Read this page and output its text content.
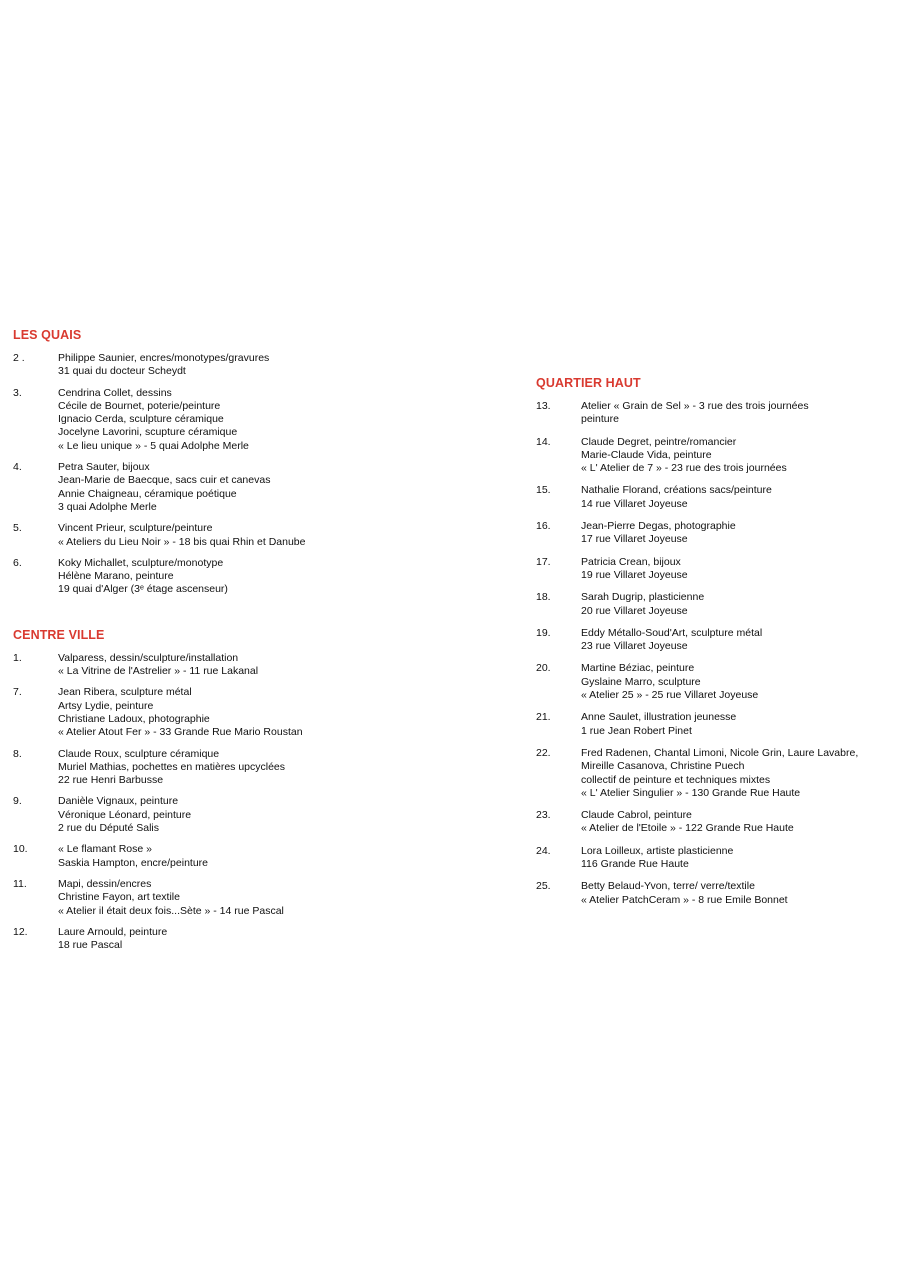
LES QUAIS
2 .	Philippe Saunier, encres/monotypes/gravures
31 quai du docteur Scheydt
3.	Cendrina Collet, dessins
Cécile de Bournet, poterie/peinture
Ignacio Cerda, sculpture céramique
Jocelyne Lavorini, scupture céramique
« Le lieu unique » - 5 quai Adolphe Merle
4.	Petra Sauter, bijoux
Jean-Marie de Baecque, sacs cuir et canevas
Annie Chaigneau, céramique poétique
3 quai Adolphe Merle
5.	Vincent Prieur, sculpture/peinture
« Ateliers du Lieu Noir » - 18 bis quai Rhin et Danube
6.	Koky Michallet, sculpture/monotype
Hélène Marano, peinture
19 quai d'Alger (3ᵉ étage ascenseur)
CENTRE VILLE
1.	Valparess, dessin/sculpture/installation
« La Vitrine de l'Astrelier » - 11 rue Lakanal
7.	Jean Ribera, sculpture métal
Artsy Lydie, peinture
Christiane Ladoux, photographie
« Atelier Atout Fer » - 33 Grande Rue Mario Roustan
8.	Claude Roux, sculpture céramique
Muriel Mathias, pochettes en matières upcyclées
22 rue Henri Barbusse
9.	Danièle Vignaux, peinture
Véronique Léonard, peinture
2 rue du Député Salis
10.	« Le flamant Rose »
Saskia Hampton, encre/peinture
11.	Mapi, dessin/encres
Christine Fayon, art textile
« Atelier il était deux fois...Sète » - 14 rue Pascal
12.	Laure Arnould, peinture
18 rue Pascal
QUARTIER HAUT
13.	Atelier « Grain de Sel » - 3 rue des trois journées
peinture
14.	Claude Degret, peintre/romancier
Marie-Claude Vida, peinture
« L' Atelier de 7 » - 23 rue des trois journées
15.	Nathalie Florand, créations sacs/peinture
14 rue Villaret Joyeuse
16.	Jean-Pierre Degas, photographie
17 rue Villaret Joyeuse
17.	Patricia Crean, bijoux
19 rue Villaret Joyeuse
18.	Sarah Dugrip, plasticienne
20 rue Villaret Joyeuse
19.	Eddy Métallo-Soud'Art, sculpture métal
23 rue Villaret Joyeuse
20.	Martine Béziac, peinture
Gyslaine Marro, sculpture
« Atelier 25 » - 25 rue Villaret Joyeuse
21.	Anne Saulet, illustration jeunesse
1 rue Jean Robert Pinet
22.	Fred Radenen, Chantal Limoni, Nicole Grin, Laure Lavabre,
Mireille Casanova, Christine Puech
collectif de peinture et techniques mixtes
« L' Atelier Singulier » - 130 Grande Rue Haute
23.	Claude Cabrol, peinture
« Atelier de l'Etoile » - 122 Grande Rue Haute
24.	Lora Loilleux, artiste plasticienne
116 Grande Rue Haute
25.	Betty Belaud-Yvon, terre/ verre/textile
« Atelier PatchCeram » - 8 rue Emile Bonnet
